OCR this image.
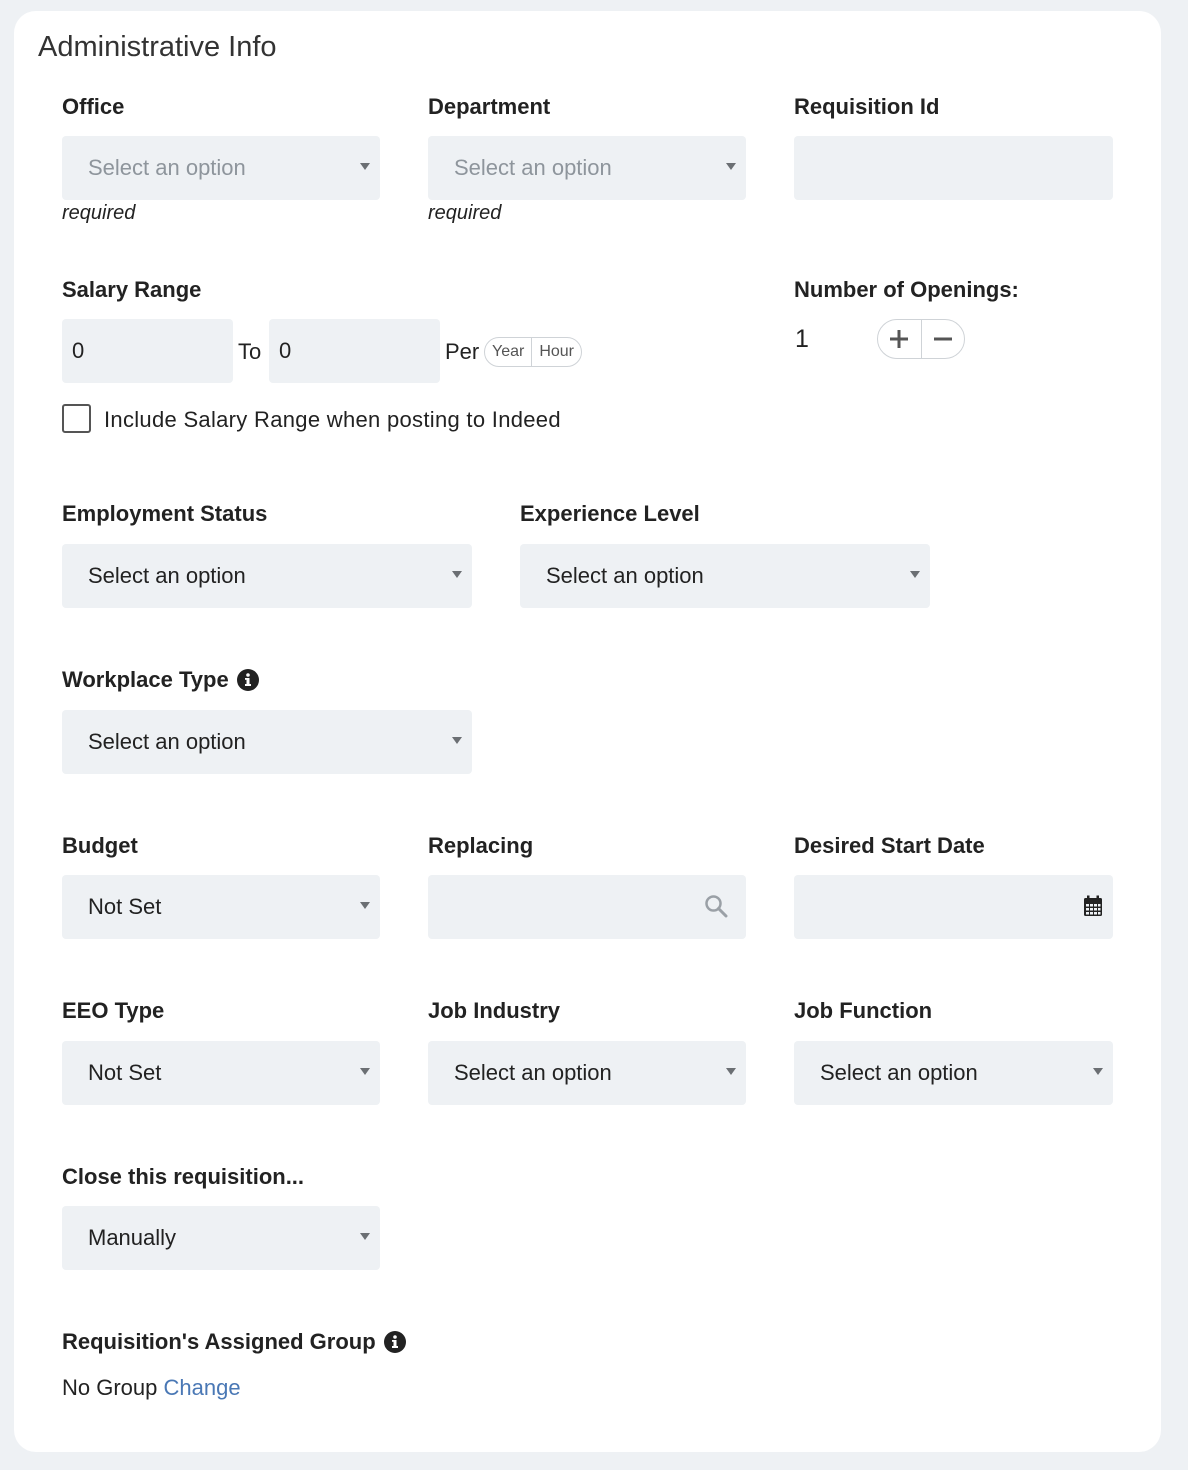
Administrative Info
Office
Select an option
required
Department
Select an option
required
Requisition Id
Salary Range
0	To 0	Per Year Hour
Include Salary Range when posting to Indeed
Number of Openings:
1
Employment Status
Select an option
Experience Level
Select an option
Workplace Type
Select an option
Budget
Not Set
Replacing	Desired Start Date
EEO Type
Not Set
Job Industry
Select an option
Job Function
Select an option
Close this requisition...
Manually
Requisition's Assigned Group
No Group Change
